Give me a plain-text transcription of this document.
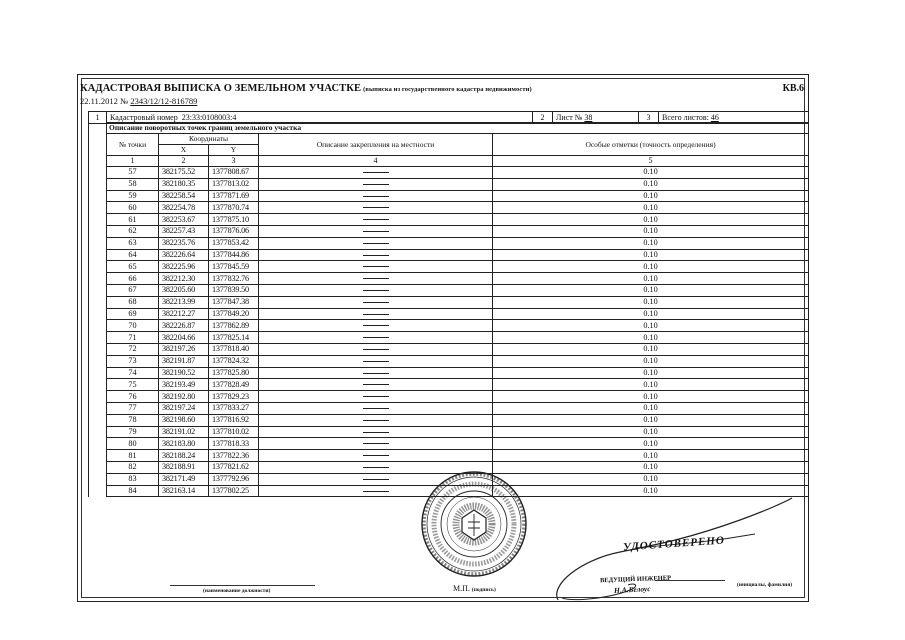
КАДАСТРОВАЯ ВЫПИСКА О ЗЕМЕЛЬНОМ УЧАСТКЕ (выписка из государственного кадастра недвижимости)	КВ.6
22.11.2012 № 2343/12/12-816789
1	Кадастровый номер 23:33:0108003:4	2	Лист № 38	3	Всего листов: 46
	Описание поворотных точек границ земельного участка				
	№ точки	Координаты		Описание закрепления на местности	Особые отметки (точность определения)
		X	Y		
	1	2	3	4	5
	57	382175.52	1377808.67		0.10
	58	382180.35	1377813.02		0.10
	59	382258.54	1377871.69		0.10
	60	382254.78	1377870.74		0.10
	61	382253.67	1377875.10		0.10
	62	382257.43	1377876.06		0.10
	63	382235.76	1377853.42		0.10
	64	382226.64	1377844.86		0.10
	65	382225.96	1377845.59		0.10
	66	382212.30	1377832.76		0.10
	67	382205.60	1377839.50		0.10
	68	382213.99	1377847.38		0.10
	69	382212.27	1377849.20		0.10
	70	382226.87	1377862.89		0.10
	71	382204.66	1377825.14		0.10
	72	382197.26	1377818.40		0.10
	73	382191.87	1377824.32		0.10
	74	382190.52	1377825.80		0.10
	75	382193.49	1377828.49		0.10
	76	382192.80	1377829.23		0.10
	77	382197.24	1377833.27		0.10
	78	382198.60	1377816.92		0.10
	79	382191.02	1377810.02		0.10
	80	382183.80	1377818.33		0.10
	81	382188.24	1377822.36		0.10
	82	382188.91	1377821.62		0.10
	83	382171.49	1377792.96		0.10
	84	382163.14	1377802.25		0.10
(наименование должности)	М.П. (подпись)
УДОСТОВЕРЕНО
ВЕДУЩИЙ ИНЖЕНЕР
Н.А.Белоус	(инициалы, фамилия)
